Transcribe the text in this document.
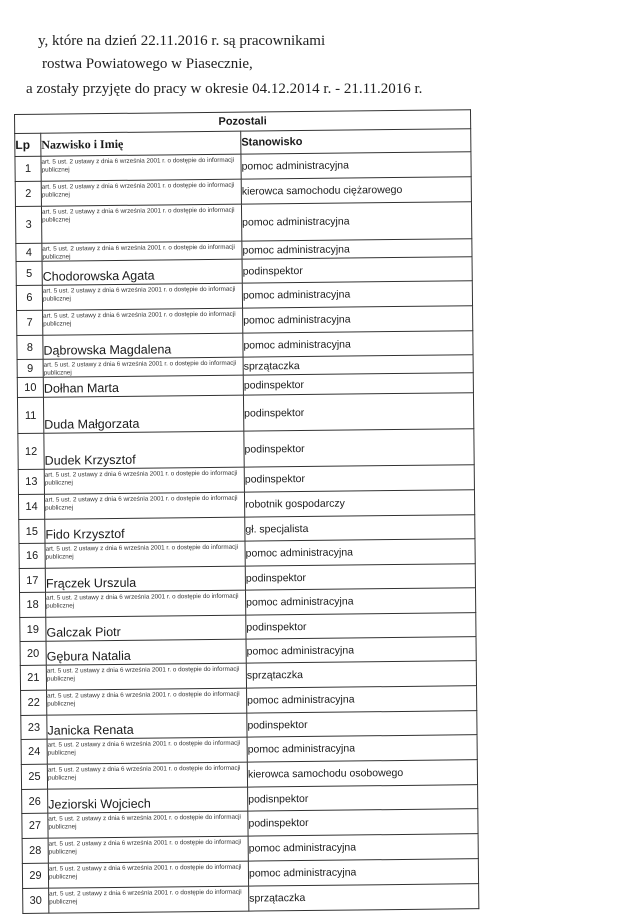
y, które na dzień 22.11.2016 r. są pracownikami
rostwa Powiatowego w Piasecznie,
a zostały przyjęte do pracy w okresie 04.12.2014 r. - 21.11.2016 r.
Pozostali		
Lp	Nazwisko i Imię	Stanowisko
1	art. 5 ust. 2 ustawy z dnia 6 września 2001 r. o dostępie do informacji publicznej	pomoc administracyjna
2	art. 5 ust. 2 ustawy z dnia 6 września 2001 r. o dostępie do informacji publicznej	kierowca samochodu ciężarowego
3	art. 5 ust. 2 ustawy z dnia 6 września 2001 r. o dostępie do informacji publicznej	pomoc administracyjna
4	art. 5 ust. 2 ustawy z dnia 6 września 2001 r. o dostępie do informacji publicznej	pomoc administracyjna
5	Chodorowska Agata	podinspektor
6	art. 5 ust. 2 ustawy z dnia 6 września 2001 r. o dostępie do informacji publicznej	pomoc administracyjna
7	art. 5 ust. 2 ustawy z dnia 6 września 2001 r. o dostępie do informacji publicznej	pomoc administracyjna
8	Dąbrowska Magdalena	pomoc administracyjna
9	art. 5 ust. 2 ustawy z dnia 6 września 2001 r. o dostępie do informacji publicznej	sprzątaczka
10	Dołhan Marta	podinspektor
11	Duda Małgorzata	podinspektor
12	Dudek Krzysztof	podinspektor
13	art. 5 ust. 2 ustawy z dnia 6 września 2001 r. o dostępie do informacji publicznej	podinspektor
14	art. 5 ust. 2 ustawy z dnia 6 września 2001 r. o dostępie do informacji publicznej	robotnik gospodarczy
15	Fido Krzysztof	gł. specjalista
16	art. 5 ust. 2 ustawy z dnia 6 września 2001 r. o dostępie do informacji publicznej	pomoc administracyjna
17	Frączek Urszula	podinspektor
18	art. 5 ust. 2 ustawy z dnia 6 września 2001 r. o dostępie do informacji publicznej	pomoc administracyjna
19	Galczak Piotr	podinspektor
20	Gębura Natalia	pomoc administracyjna
21	art. 5 ust. 2 ustawy z dnia 6 września 2001 r. o dostępie do informacji publicznej	sprzątaczka
22	art. 5 ust. 2 ustawy z dnia 6 września 2001 r. o dostępie do informacji publicznej	pomoc administracyjna
23	Janicka Renata	podinspektor
24	art. 5 ust. 2 ustawy z dnia 6 września 2001 r. o dostępie do informacji publicznej	pomoc administracyjna
25	art. 5 ust. 2 ustawy z dnia 6 września 2001 r. o dostępie do informacji publicznej	kierowca samochodu osobowego
26	Jeziorski Wojciech	podisnpektor
27	art. 5 ust. 2 ustawy z dnia 6 września 2001 r. o dostępie do informacji publicznej	podinspektor
28	art. 5 ust. 2 ustawy z dnia 6 września 2001 r. o dostępie do informacji publicznej	pomoc administracyjna
29	art. 5 ust. 2 ustawy z dnia 6 września 2001 r. o dostępie do informacji publicznej	pomoc administracyjna
30	art. 5 ust. 2 ustawy z dnia 6 września 2001 r. o dostępie do informacji publicznej	sprzątaczka
